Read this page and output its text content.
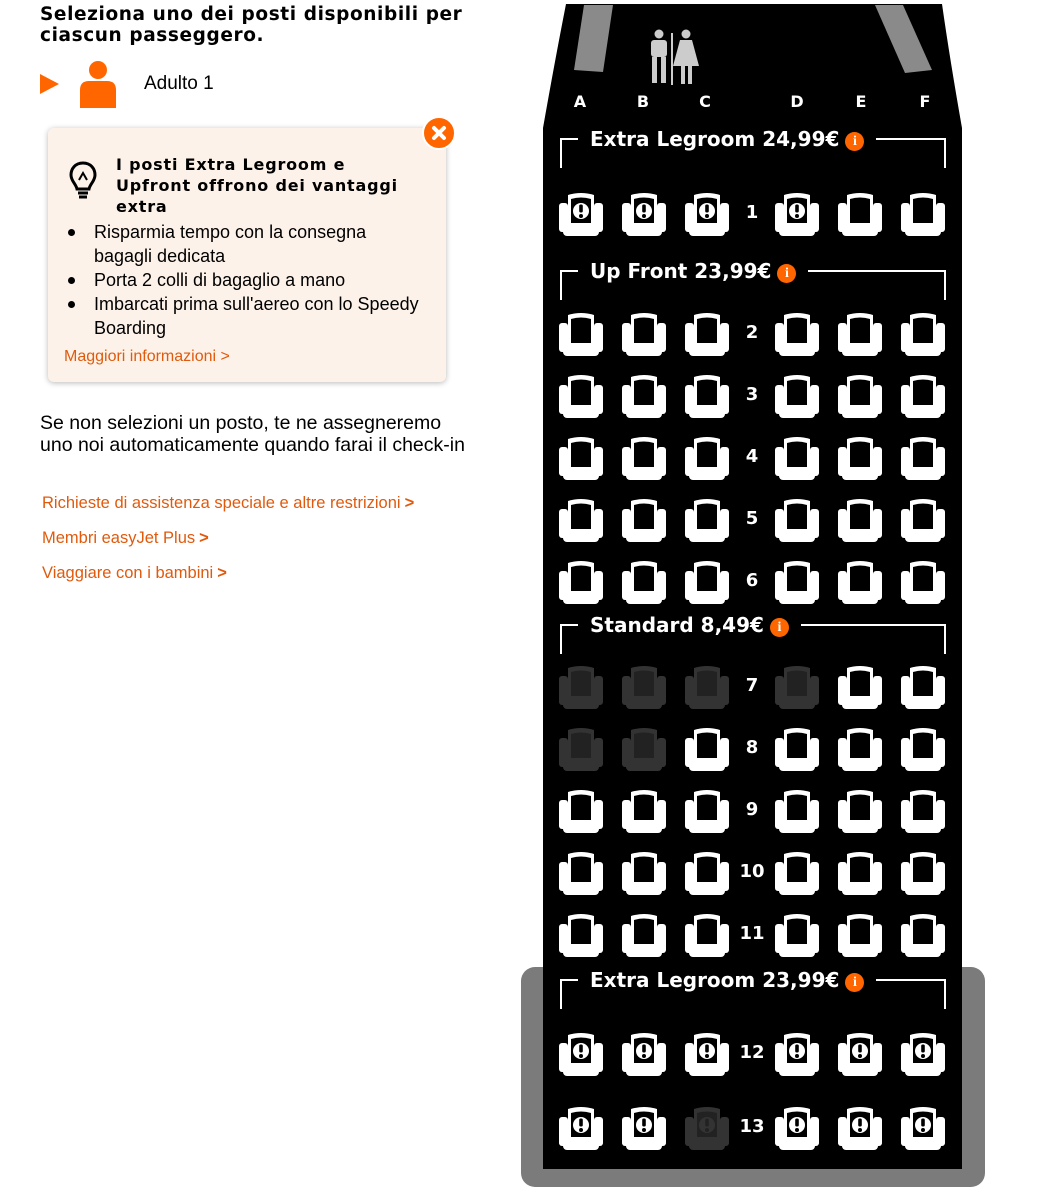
Seleziona uno dei posti disponibili per ciascun passeggero.
Adulto 1

I posti Extra Legroom e Upfront offrono dei vantaggi extra

Risparmia tempo con la consegna bagagli dedicata
Porta 2 colli di bagaglio a mano
Imbarcati prima sull'aereo con lo Speedy Boarding
Maggiori informazioni >

Se non selezioni un posto, te ne assegneremo uno noi automaticamente quando farai il check-in

Richieste di assistenza speciale e altre restrizioni >
Membri easyJet Plus >
Viaggiare con i bambini >
A	B	C	D	E	F
Extra Legroom 24,99€ i
Up Front 23,99€ i
Standard 8,49€ i
Extra Legroom 23,99€ i
1
2
3
4
5
6
7
8
9
10
11
12
13
